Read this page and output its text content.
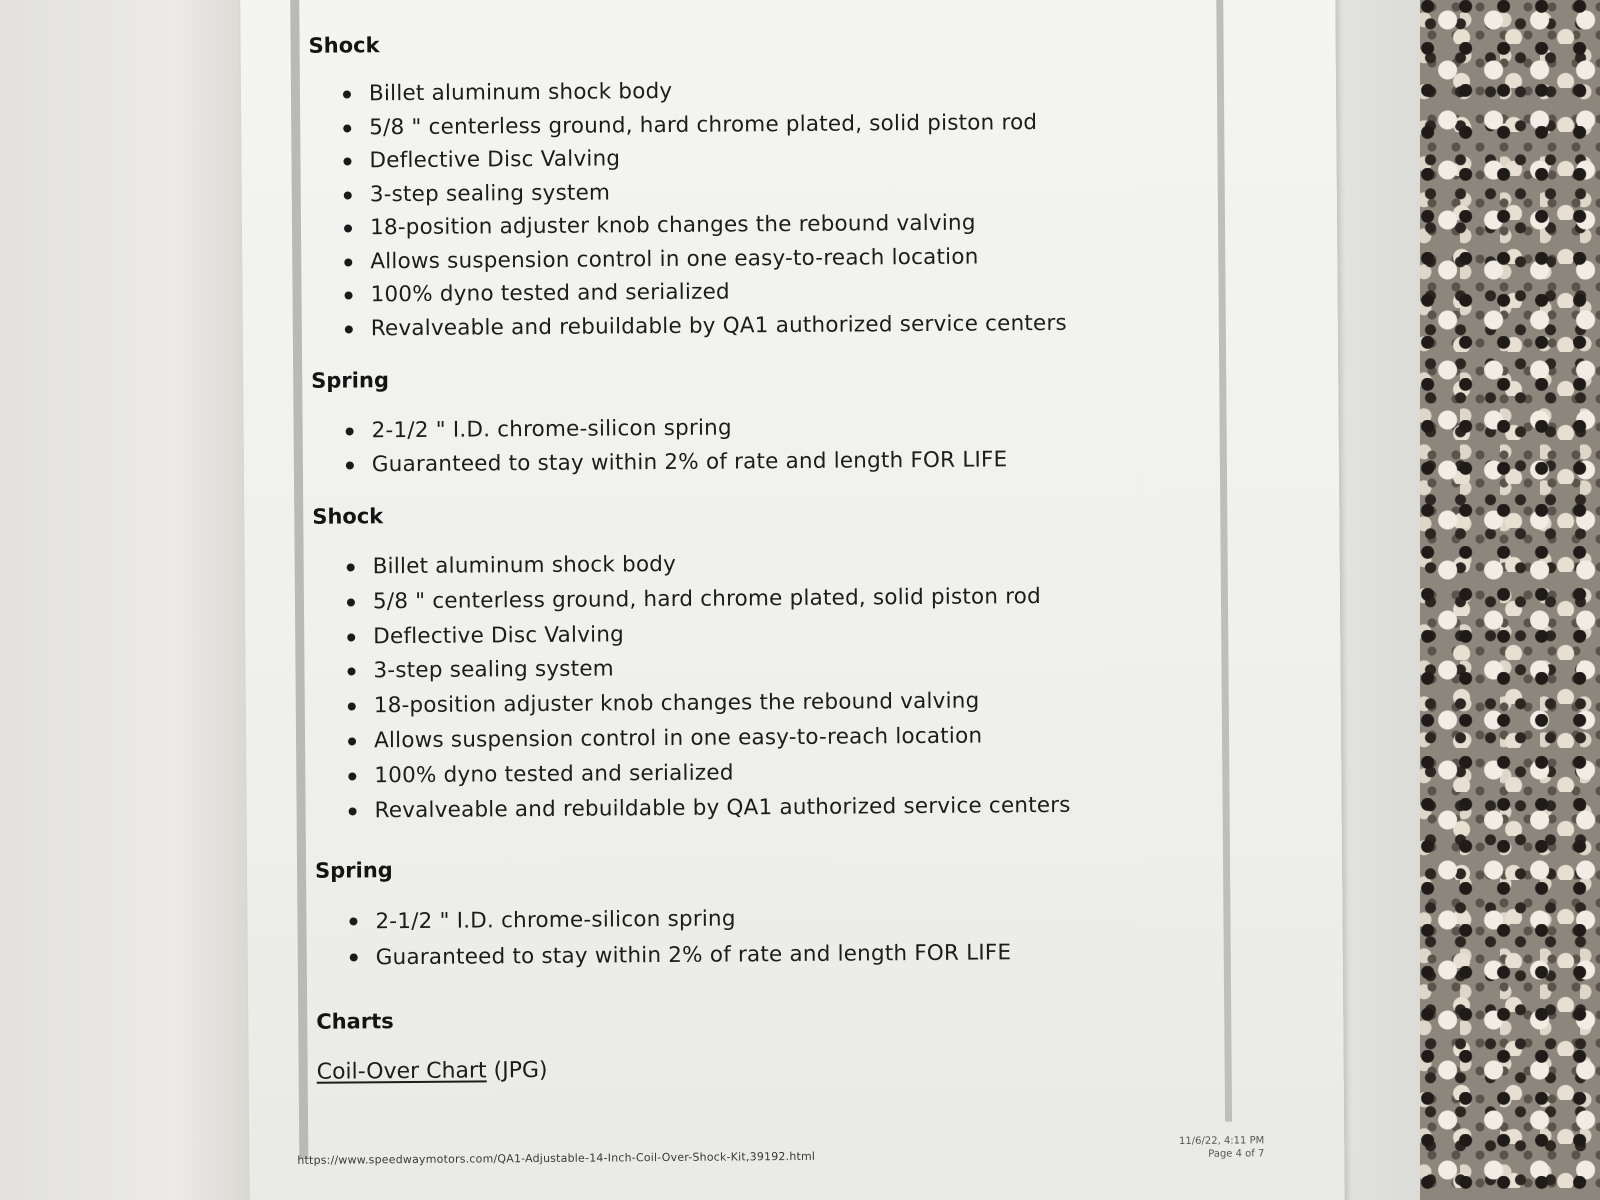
Shock
Billet aluminum shock body
5/8 " centerless ground, hard chrome plated, solid piston rod
Deflective Disc Valving
3-step sealing system
18-position adjuster knob changes the rebound valving
Allows suspension control in one easy-to-reach location
100% dyno tested and serialized
Revalveable and rebuildable by QA1 authorized service centers
Spring
2-1/2 " I.D. chrome-silicon spring
Guaranteed to stay within 2% of rate and length FOR LIFE
Shock
Billet aluminum shock body
5/8 " centerless ground, hard chrome plated, solid piston rod
Deflective Disc Valving
3-step sealing system
18-position adjuster knob changes the rebound valving
Allows suspension control in one easy-to-reach location
100% dyno tested and serialized
Revalveable and rebuildable by QA1 authorized service centers
Spring
2-1/2 " I.D. chrome-silicon spring
Guaranteed to stay within 2% of rate and length FOR LIFE
Charts
Coil-Over Chart (JPG)
https://www.speedwaymotors.com/QA1-Adjustable-14-Inch-Coil-Over-Shock-Kit,39192.html
11/6/22, 4:11 PM
Page 4 of 7
